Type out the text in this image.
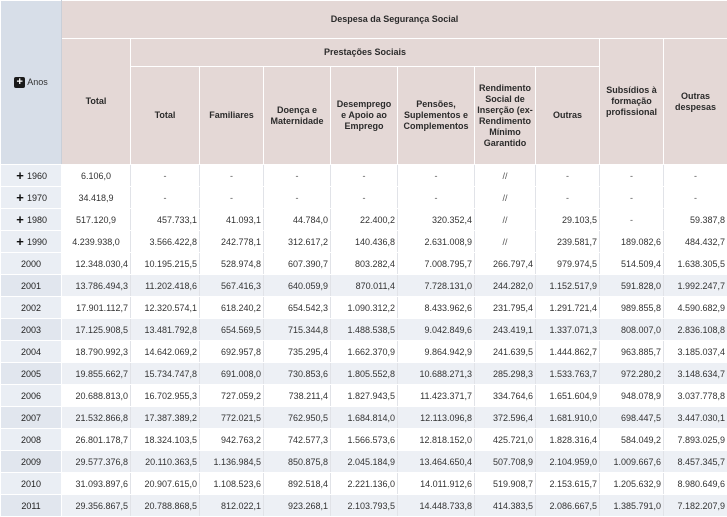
+ Anos	Despesa da Segurança Social									
	Total	Prestações Sociais							Subsídios à formação profissional	Outras despesas
		Total	Familiares	Doença e Maternidade	Desemprego e Apoio ao Emprego	Pensões, Suplementos e Complementos	Rendimento Social de Inserção (ex-Rendimento Mínimo Garantido	Outras		
+ 1960	6.106,0	-	-	-	-	-	//	-	-	-
+ 1970	34.418,9	-	-	-	-	-	//	-	-	-
+ 1980	517.120,9	457.733,1	41.093,1	44.784,0	22.400,2	320.352,4	//	29.103,5	-	59.387,8
+ 1990	4.239.938,0	3.566.422,8	242.778,1	312.617,2	140.436,8	2.631.008,9	//	239.581,7	189.082,6	484.432,7
2000	12.348.030,4	10.195.215,5	528.974,8	607.390,7	803.282,4	7.008.795,7	266.797,4	979.974,5	514.509,4	1.638.305,5
2001	13.786.494,3	11.202.418,6	567.416,3	640.059,9	870.011,4	7.728.131,0	244.282,0	1.152.517,9	591.828,0	1.992.247,7
2002	17.901.112,7	12.320.574,1	618.240,2	654.542,3	1.090.312,2	8.433.962,6	231.795,4	1.291.721,4	989.855,8	4.590.682,9
2003	17.125.908,5	13.481.792,8	654.569,5	715.344,8	1.488.538,5	9.042.849,6	243.419,1	1.337.071,3	808.007,0	2.836.108,8
2004	18.790.992,3	14.642.069,2	692.957,8	735.295,4	1.662.370,9	9.864.942,9	241.639,5	1.444.862,7	963.885,7	3.185.037,4
2005	19.855.662,7	15.734.747,8	691.008,0	730.853,6	1.805.552,8	10.688.271,3	285.298,3	1.533.763,7	972.280,2	3.148.634,7
2006	20.688.813,0	16.702.955,3	727.059,2	738.211,4	1.827.943,5	11.423.371,7	334.764,6	1.651.604,9	948.078,9	3.037.778,8
2007	21.532.866,8	17.387.389,2	772.021,5	762.950,5	1.684.814,0	12.113.096,8	372.596,4	1.681.910,0	698.447,5	3.447.030,1
2008	26.801.178,7	18.324.103,5	942.763,2	742.577,3	1.566.573,6	12.818.152,0	425.721,0	1.828.316,4	584.049,2	7.893.025,9
2009	29.577.376,8	20.110.363,5	1.136.984,5	850.875,8	2.045.184,9	13.464.650,4	507.708,9	2.104.959,0	1.009.667,6	8.457.345,7
2010	31.093.897,6	20.907.615,0	1.108.523,6	892.518,4	2.221.136,0	14.011.912,6	519.908,7	2.153.615,7	1.205.632,9	8.980.649,6
2011	29.356.867,5	20.788.868,5	812.022,1	923.268,1	2.103.793,5	14.448.733,8	414.383,5	2.086.667,5	1.385.791,0	7.182.207,9
